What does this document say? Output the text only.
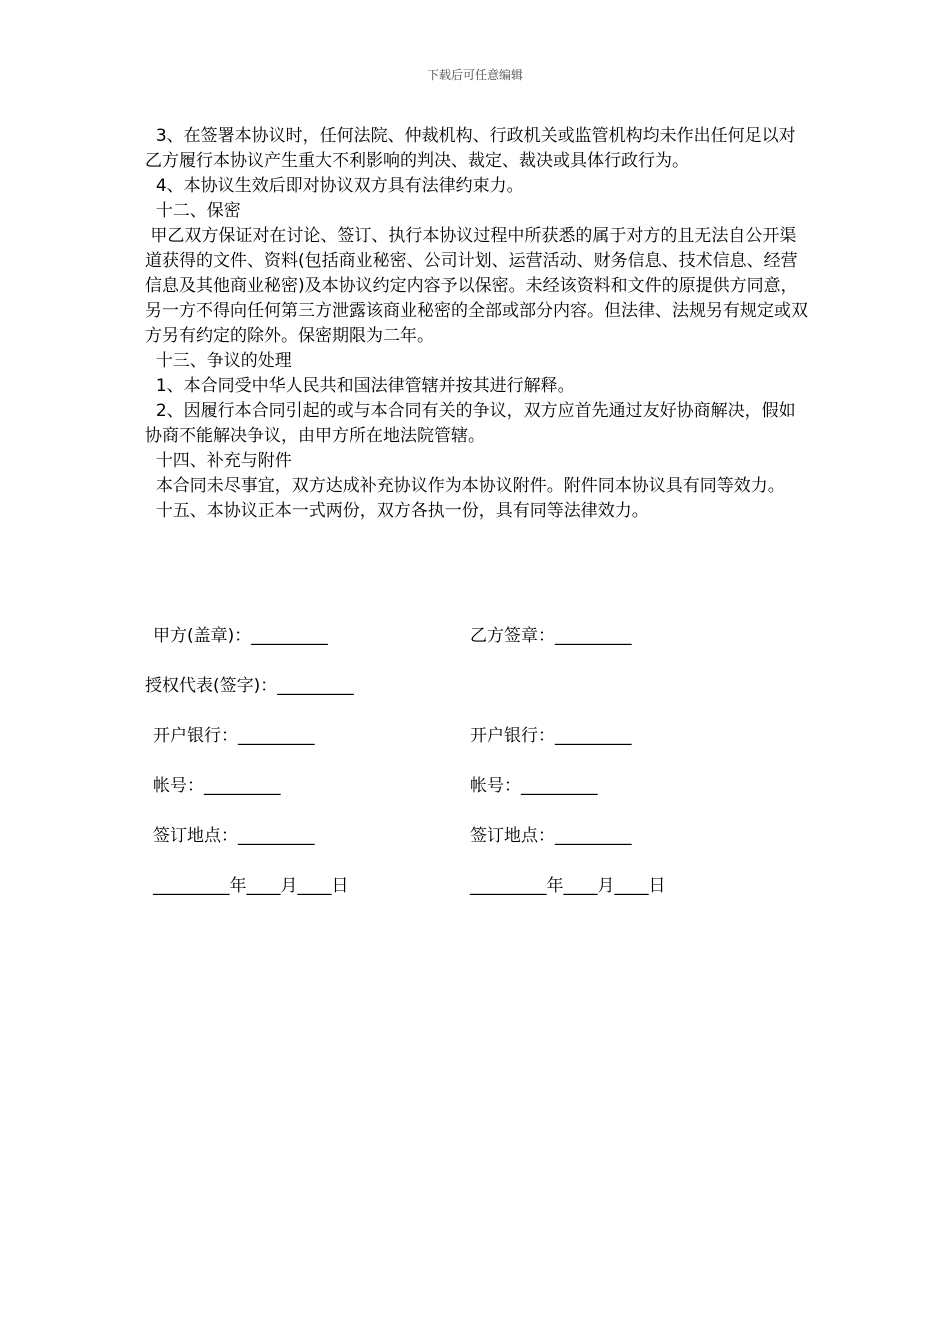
下载后可任意编辑

3、在签署本协议时，任何法院、仲裁机构、行政机关或监管机构均未作出任何足以对乙方履行本协议产生重大不利影响的判决、裁定、裁决或具体行政行为。

4、本协议生效后即对协议双方具有法律约束力。

十二、保密

甲乙双方保证对在讨论、签订、执行本协议过程中所获悉的属于对方的且无法自公开渠道获得的文件、资料(包括商业秘密、公司计划、运营活动、财务信息、技术信息、经营信息及其他商业秘密)及本协议约定内容予以保密。未经该资料和文件的原提供方同意，另一方不得向任何第三方泄露该商业秘密的全部或部分内容。但法律、法规另有规定或双方另有约定的除外。保密期限为二年。

十三、争议的处理

1、本合同受中华人民共和国法律管辖并按其进行解释。

2、因履行本合同引起的或与本合同有关的争议，双方应首先通过友好协商解决，假如协商不能解决争议，由甲方所在地法院管辖。

十四、补充与附件

本合同未尽事宜，双方达成补充协议作为本协议附件。附件同本协议具有同等效力。

十五、本协议正本一式两份，双方各执一份，具有同等法律效力。

甲方(盖章)：_________	乙方签章：_________
授权代表(签字)：_________
开户银行：_________	开户银行：_________
帐号：_________	帐号：_________
签订地点：_________	签订地点：_________
_________年____月____日	_________年____月____日
